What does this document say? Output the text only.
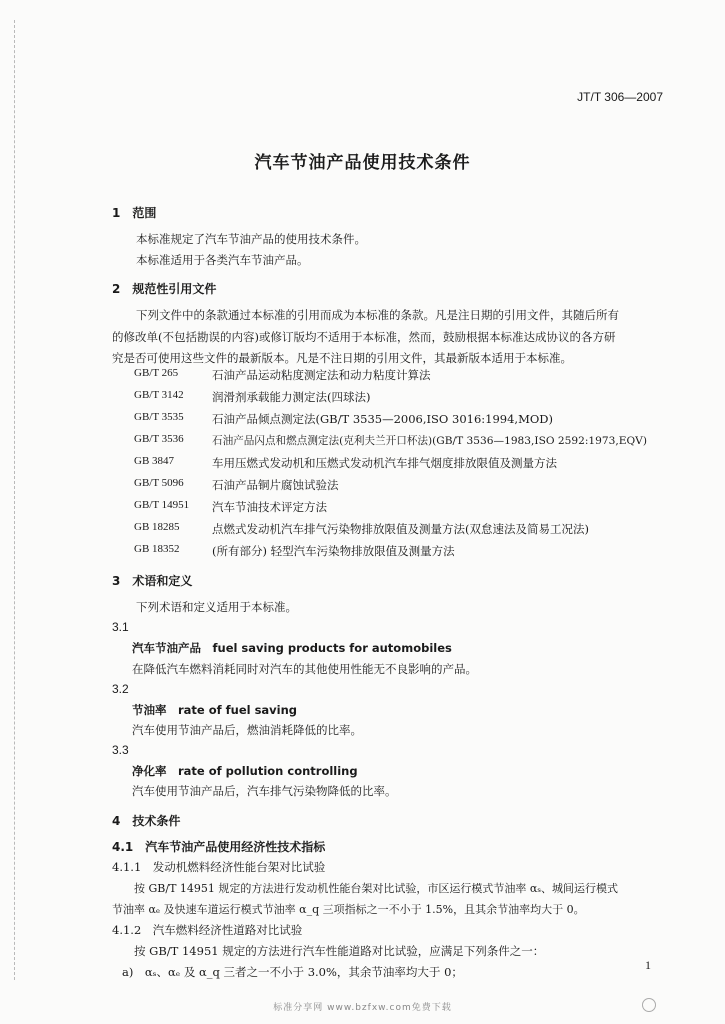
JT/T 306—2007
汽车节油产品使用技术条件
1　范围
本标准规定了汽车节油产品的使用技术条件。
本标准适用于各类汽车节油产品。
2　规范性引用文件
下列文件中的条款通过本标准的引用而成为本标准的条款。凡是注日期的引用文件，其随后所有
的修改单(不包括勘误的内容)或修订版均不适用于本标准，然而，鼓励根据本标准达成协议的各方研
究是否可使用这些文件的最新版本。凡是不注日期的引用文件，其最新版本适用于本标准。
GB/T 265	石油产品运动粘度测定法和动力粘度计算法
GB/T 3142 润滑剂承载能力测定法(四球法)
GB/T 3535 石油产品倾点测定法(GB/T 3535—2006,ISO 3016:1994,MOD)
GB/T 3536	石油产品闪点和燃点测定法(克利夫兰开口杯法)(GB/T 3536—1983,ISO 2592:1973,EQV)
GB 3847	车用压燃式发动机和压燃式发动机汽车排气烟度排放限值及测量方法
GB/T 5096 石油产品铜片腐蚀试验法
GB/T 14951 汽车节油技术评定方法
GB 18285	点燃式发动机汽车排气污染物排放限值及测量方法(双怠速法及简易工况法)
GB 18352	(所有部分) 轻型汽车污染物排放限值及测量方法
3　术语和定义
下列术语和定义适用于本标准。
3.1
汽车节油产品　fuel saving products for automobiles
在降低汽车燃料消耗同时对汽车的其他使用性能无不良影响的产品。
3.2
节油率　rate of fuel saving
汽车使用节油产品后，燃油消耗降低的比率。
3.3
净化率　rate of pollution controlling
汽车使用节油产品后，汽车排气污染物降低的比率。
4　技术条件
4.1　汽车节油产品使用经济性技术指标
4.1.1　发动机燃料经济性能台架对比试验
按 GB/T 14951 规定的方法进行发动机性能台架对比试验，市区运行模式节油率 αₛ、城间运行模式
节油率 αₑ 及快速车道运行模式节油率 α_q 三项指标之一不小于 1.5%，且其余节油率均大于 0。
4.1.2　汽车燃料经济性道路对比试验
按 GB/T 14951 规定的方法进行汽车性能道路对比试验，应满足下列条件之一：
a)　αₛ、αₑ 及 α_q 三者之一不小于 3.0%，其余节油率均大于 0；	1
标准分享网 www.bzfxw.com免费下载
